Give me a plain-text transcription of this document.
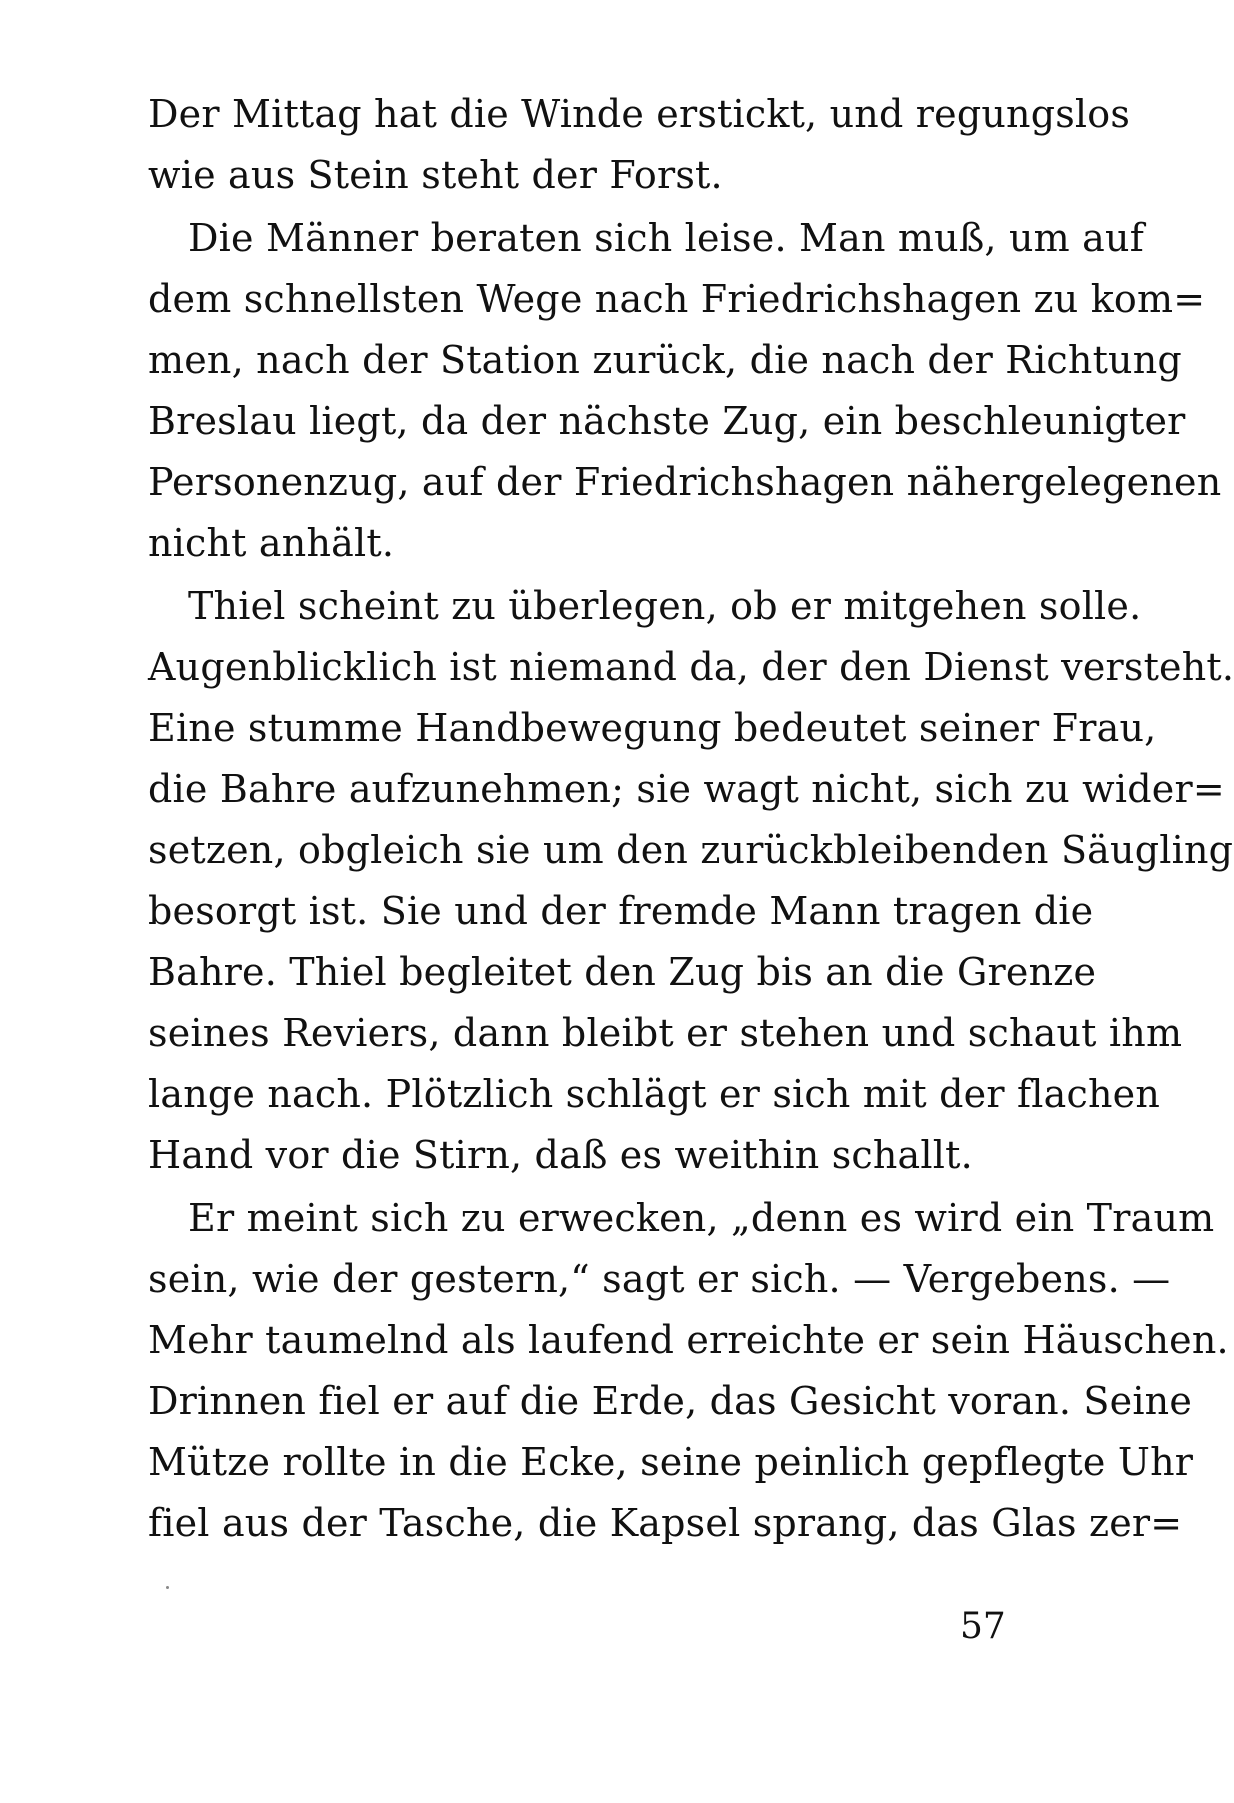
Der Mittag hat die Winde erstickt, und regungslos
wie aus Stein steht der Forst.
Die Männer beraten sich leise. Man muß, um auf
dem schnellsten Wege nach Friedrichshagen zu kom=
men, nach der Station zurück, die nach der Richtung
Breslau liegt, da der nächste Zug, ein beschleunigter
Personenzug, auf der Friedrichshagen nähergelegenen
nicht anhält.
Thiel scheint zu überlegen, ob er mitgehen solle.
Augenblicklich ist niemand da, der den Dienst versteht.
Eine stumme Handbewegung bedeutet seiner Frau,
die Bahre aufzunehmen; sie wagt nicht, sich zu wider=
setzen, obgleich sie um den zurückbleibenden Säugling
besorgt ist. Sie und der fremde Mann tragen die
Bahre. Thiel begleitet den Zug bis an die Grenze
seines Reviers, dann bleibt er stehen und schaut ihm
lange nach. Plötzlich schlägt er sich mit der flachen
Hand vor die Stirn, daß es weithin schallt.
Er meint sich zu erwecken, „denn es wird ein Traum
sein, wie der gestern,“ sagt er sich. — Vergebens. —
Mehr taumelnd als laufend erreichte er sein Häuschen.
Drinnen fiel er auf die Erde, das Gesicht voran. Seine
Mütze rollte in die Ecke, seine peinlich gepflegte Uhr
fiel aus der Tasche, die Kapsel sprang, das Glas zer=
57
